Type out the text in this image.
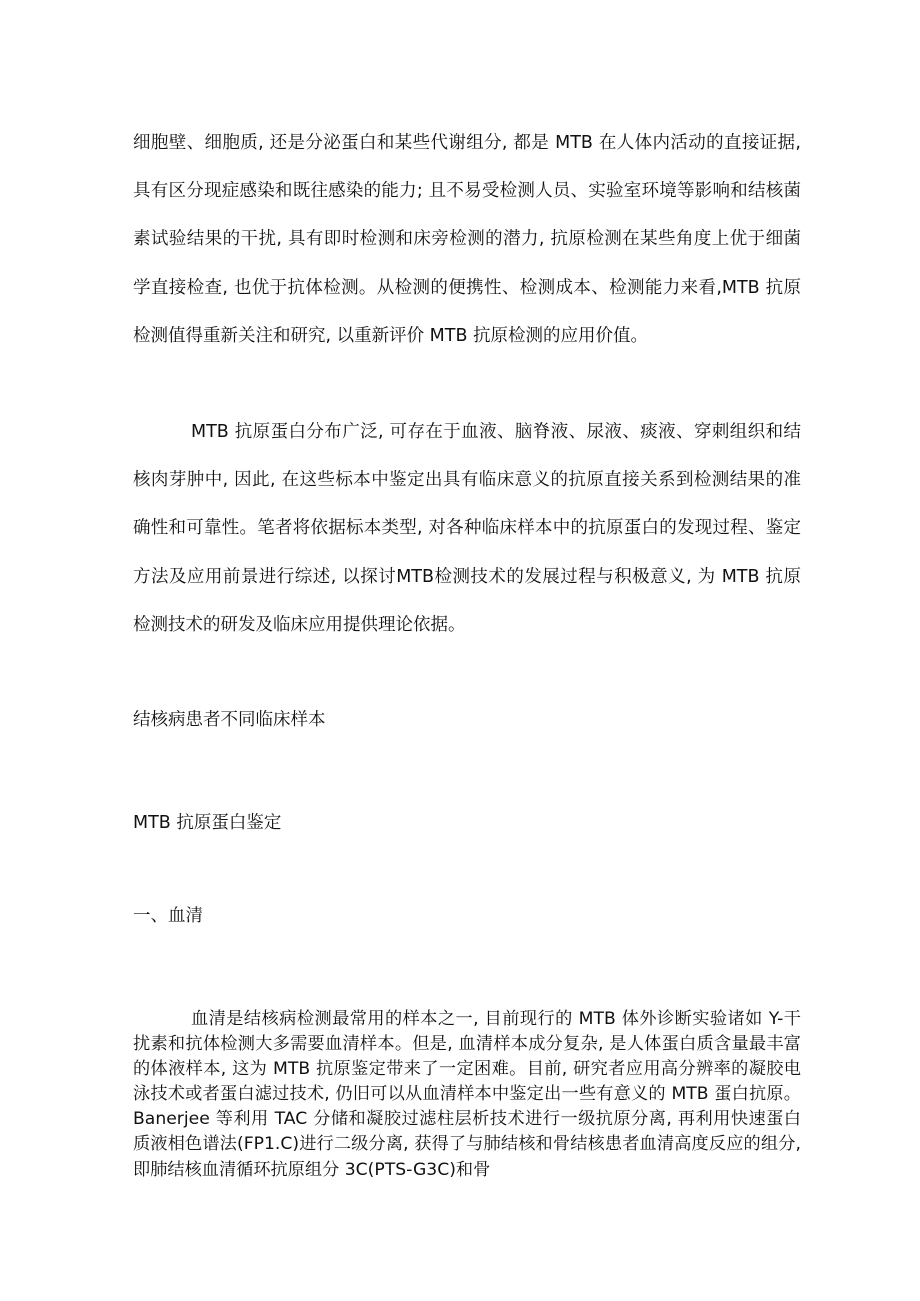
细胞壁、细胞质, 还是分泌蛋白和某些代谢组分, 都是 MTB 在人体内活动的直接证据, 具有区分现症感染和既往感染的能力; 且不易受检测人员、实验室环境等影响和结核菌素试验结果的干扰, 具有即时检测和床旁检测的潜力, 抗原检测在某些角度上优于细菌学直接检查, 也优于抗体检测。从检测的便携性、检测成本、检测能力来看,MTB 抗原检测值得重新关注和研究, 以重新评价 MTB 抗原检测的应用价值。

MTB 抗原蛋白分布广泛, 可存在于血液、脑脊液、尿液、痰液、穿刺组织和结核肉芽肿中, 因此, 在这些标本中鉴定出具有临床意义的抗原直接关系到检测结果的准确性和可靠性。笔者将依据标本类型, 对各种临床样本中的抗原蛋白的发现过程、鉴定方法及应用前景进行综述, 以探讨MTB检测技术的发展过程与积极意义, 为 MTB 抗原检测技术的研发及临床应用提供理论依据。

结核病患者不同临床样本

MTB 抗原蛋白鉴定

一、血清

血清是结核病检测最常用的样本之一, 目前现行的 MTB 体外诊断实验诸如 Y-干扰素和抗体检测大多需要血清样本。但是, 血清样本成分复杂, 是人体蛋白质含量最丰富的体液样本, 这为 MTB 抗原鉴定带来了一定困难。目前, 研究者应用高分辨率的凝胶电泳技术或者蛋白滤过技术, 仍旧可以从血清样本中鉴定出一些有意义的 MTB 蛋白抗原。Banerjee 等利用 TAC 分储和凝胶过滤柱层析技术进行一级抗原分离, 再利用快速蛋白质液相色谱法(FP1.C)进行二级分离, 获得了与肺结核和骨结核患者血清高度反应的组分, 即肺结核血清循环抗原组分 3C(PTS-G3C)和骨
